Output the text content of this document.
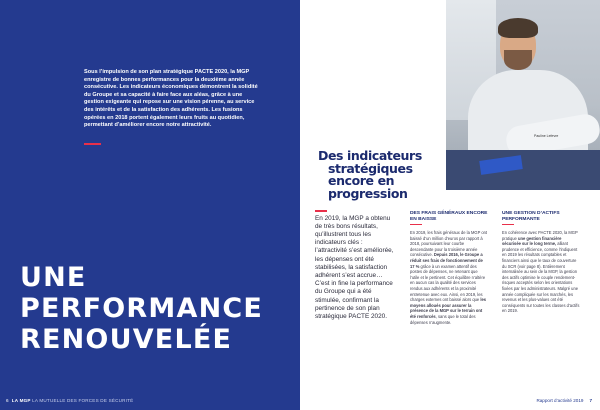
Sous l’impulsion de son plan stratégique PACTE 2020, la MGP enregistre de bonnes performances pour la deuxième année consécutive. Les indicateurs économiques démontrent la solidité du Groupe et sa capacité à faire face aux aléas, grâce à une gestion exigeante qui repose sur une vision pérenne, au service des intérêts et de la satisfaction des adhérents. Les fusions opérées en 2018 portent également leurs fruits au quotidien, permettant d’améliorer encore notre attractivité.

UNE
PERFORMANCE
RENOUVELÉE
6 LA MGP LA MUTUELLE DES FORCES DE SÉCURITÉ
Pauline Lefevre
Des indicateurs
stratégiques encore en progression

En 2019, la MGP a obtenu de très bons résultats, qu’illustrent tous les indicateurs clés : l’attractivité s’est améliorée, les dépenses ont été stabilisées, la satisfaction adhérent s’est accrue… C’est in fine la performance du Groupe qui a été stimulée, confirmant la pertinence de son plan stratégique PACTE 2020.

DES FRAIS GÉNÉRAUX ENCORE EN BAISSE

En 2019, les frais généraux de la MGP ont baissé d’un million d’euros par rapport à 2018, poursuivant leur courbe descendante pour la troisième année consécutive. Depuis 2016, le Groupe a réduit ses frais de fonctionnement de 17 % grâce à un examen attentif des postes de dépenses, ne retenant que l’utile et le pertinent. Cet équilibre n’altère en aucun cas la qualité des services rendus aux adhérents et la proximité entretenue avec eux. Ainsi, en 2019, les charges externes ont baissé alors que les moyens alloués pour assurer la présence de la MGP sur le terrain ont été renforcés, sans que le total des dépenses n’augmente.

UNE GESTION D’ACTIFS PERFORMANTE

En cohérence avec PACTE 2020, la MGP pratique une gestion financière sécurisée sur le long terme, alliant prudence et efficience, comme l’indiquent en 2019 les résultats comptables et financiers ainsi que le taux de couverture du SCR (voir page 8). Entièrement internalisée au sein de la MGP, la gestion des actifs optimise le couple rendement-risques acceptés selon les orientations fixées par les administrateurs. Malgré une année compliquée sur les marchés, les revenus et les plus-values ont été conséquents sur toutes les classes d’actifs en 2019.

Rapport d’activité 2019 7
